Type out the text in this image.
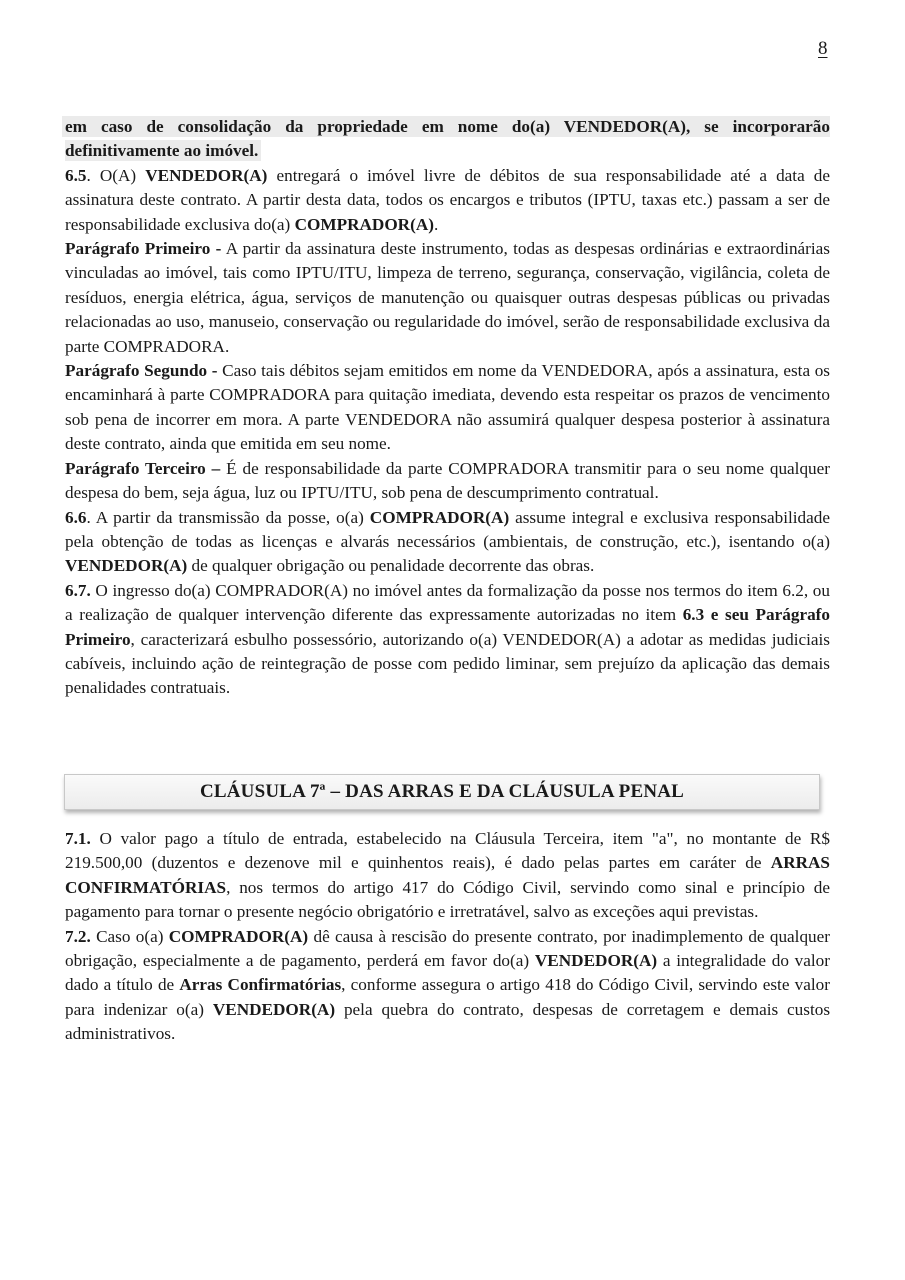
8

em caso de consolidação da propriedade em nome do(a) VENDEDOR(A), se incorporarão definitivamente ao imóvel.

6.5. O(A) VENDEDOR(A) entregará o imóvel livre de débitos de sua responsabilidade até a data de assinatura deste contrato. A partir desta data, todos os encargos e tributos (IPTU, taxas etc.) passam a ser de responsabilidade exclusiva do(a) COMPRADOR(A).

Parágrafo Primeiro - A partir da assinatura deste instrumento, todas as despesas ordinárias e extraordinárias vinculadas ao imóvel, tais como IPTU/ITU, limpeza de terreno, segurança, conservação, vigilância, coleta de resíduos, energia elétrica, água, serviços de manutenção ou quaisquer outras despesas públicas ou privadas relacionadas ao uso, manuseio, conservação ou regularidade do imóvel, serão de responsabilidade exclusiva da parte COMPRADORA.

Parágrafo Segundo - Caso tais débitos sejam emitidos em nome da VENDEDORA, após a assinatura, esta os encaminhará à parte COMPRADORA para quitação imediata, devendo esta respeitar os prazos de vencimento sob pena de incorrer em mora. A parte VENDEDORA não assumirá qualquer despesa posterior à assinatura deste contrato, ainda que emitida em seu nome.

Parágrafo Terceiro – É de responsabilidade da parte COMPRADORA transmitir para o seu nome qualquer despesa do bem, seja água, luz ou IPTU/ITU, sob pena de descumprimento contratual.

6.6. A partir da transmissão da posse, o(a) COMPRADOR(A) assume integral e exclusiva responsabilidade pela obtenção de todas as licenças e alvarás necessários (ambientais, de construção, etc.), isentando o(a) VENDEDOR(A) de qualquer obrigação ou penalidade decorrente das obras.

6.7. O ingresso do(a) COMPRADOR(A) no imóvel antes da formalização da posse nos termos do item 6.2, ou a realização de qualquer intervenção diferente das expressamente autorizadas no item 6.3 e seu Parágrafo Primeiro, caracterizará esbulho possessório, autorizando o(a) VENDEDOR(A) a adotar as medidas judiciais cabíveis, incluindo ação de reintegração de posse com pedido liminar, sem prejuízo da aplicação das demais penalidades contratuais.

CLÁUSULA 7ª – DAS ARRAS E DA CLÁUSULA PENAL

7.1. O valor pago a título de entrada, estabelecido na Cláusula Terceira, item "a", no montante de R$ 219.500,00 (duzentos e dezenove mil e quinhentos reais), é dado pelas partes em caráter de ARRAS CONFIRMATÓRIAS, nos termos do artigo 417 do Código Civil, servindo como sinal e princípio de pagamento para tornar o presente negócio obrigatório e irretratável, salvo as exceções aqui previstas.

7.2. Caso o(a) COMPRADOR(A) dê causa à rescisão do presente contrato, por inadimplemento de qualquer obrigação, especialmente a de pagamento, perderá em favor do(a) VENDEDOR(A) a integralidade do valor dado a título de Arras Confirmatórias, conforme assegura o artigo 418 do Código Civil, servindo este valor para indenizar o(a) VENDEDOR(A) pela quebra do contrato, despesas de corretagem e demais custos administrativos.
